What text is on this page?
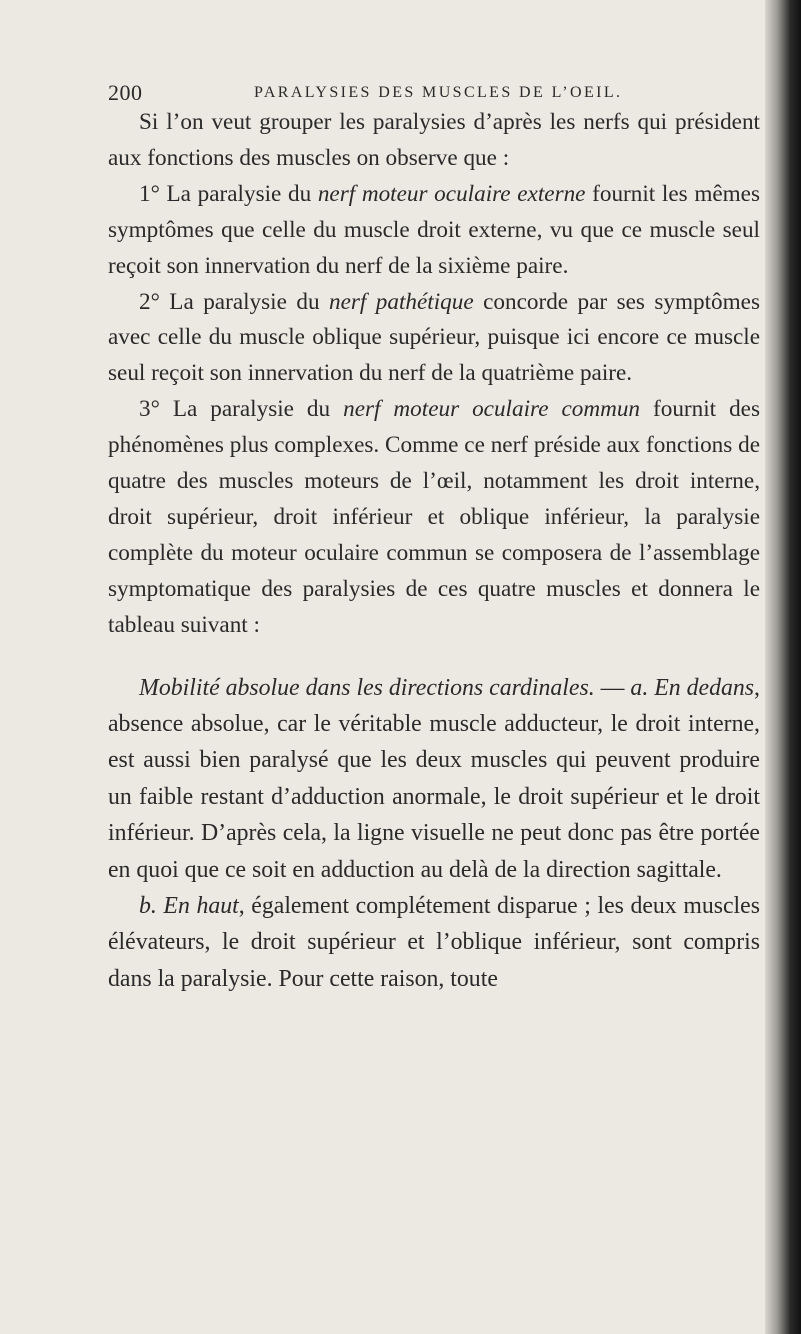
200	PARALYSIES DES MUSCLES DE L’OEIL.

Si l’on veut grouper les paralysies d’après les nerfs qui président aux fonctions des muscles on observe que :

1° La paralysie du nerf moteur oculaire externe fournit les mêmes symptômes que celle du muscle droit externe, vu que ce muscle seul reçoit son innervation du nerf de la sixième paire.

2° La paralysie du nerf pathétique concorde par ses symptômes avec celle du muscle oblique supérieur, puisque ici encore ce muscle seul reçoit son innervation du nerf de la quatrième paire.

3° La paralysie du nerf moteur oculaire commun fournit des phénomènes plus complexes. Comme ce nerf préside aux fonctions de quatre des muscles moteurs de l’œil, notamment les droit interne, droit supérieur, droit inférieur et oblique inférieur, la paralysie complète du moteur oculaire commun se composera de l’assemblage symptomatique des paralysies de ces quatre muscles et donnera le tableau suivant :

Mobilité absolue dans les directions cardinales. — a. En dedans, absence absolue, car le véritable muscle adducteur, le droit interne, est aussi bien paralysé que les deux muscles qui peuvent produire un faible restant d’adduction anormale, le droit supérieur et le droit inférieur. D’après cela, la ligne visuelle ne peut donc pas être portée en quoi que ce soit en adduction au delà de la direction sagittale.

b. En haut, également complétement disparue ; les deux muscles élévateurs, le droit supérieur et l’oblique inférieur, sont compris dans la paralysie. Pour cette raison, toute
